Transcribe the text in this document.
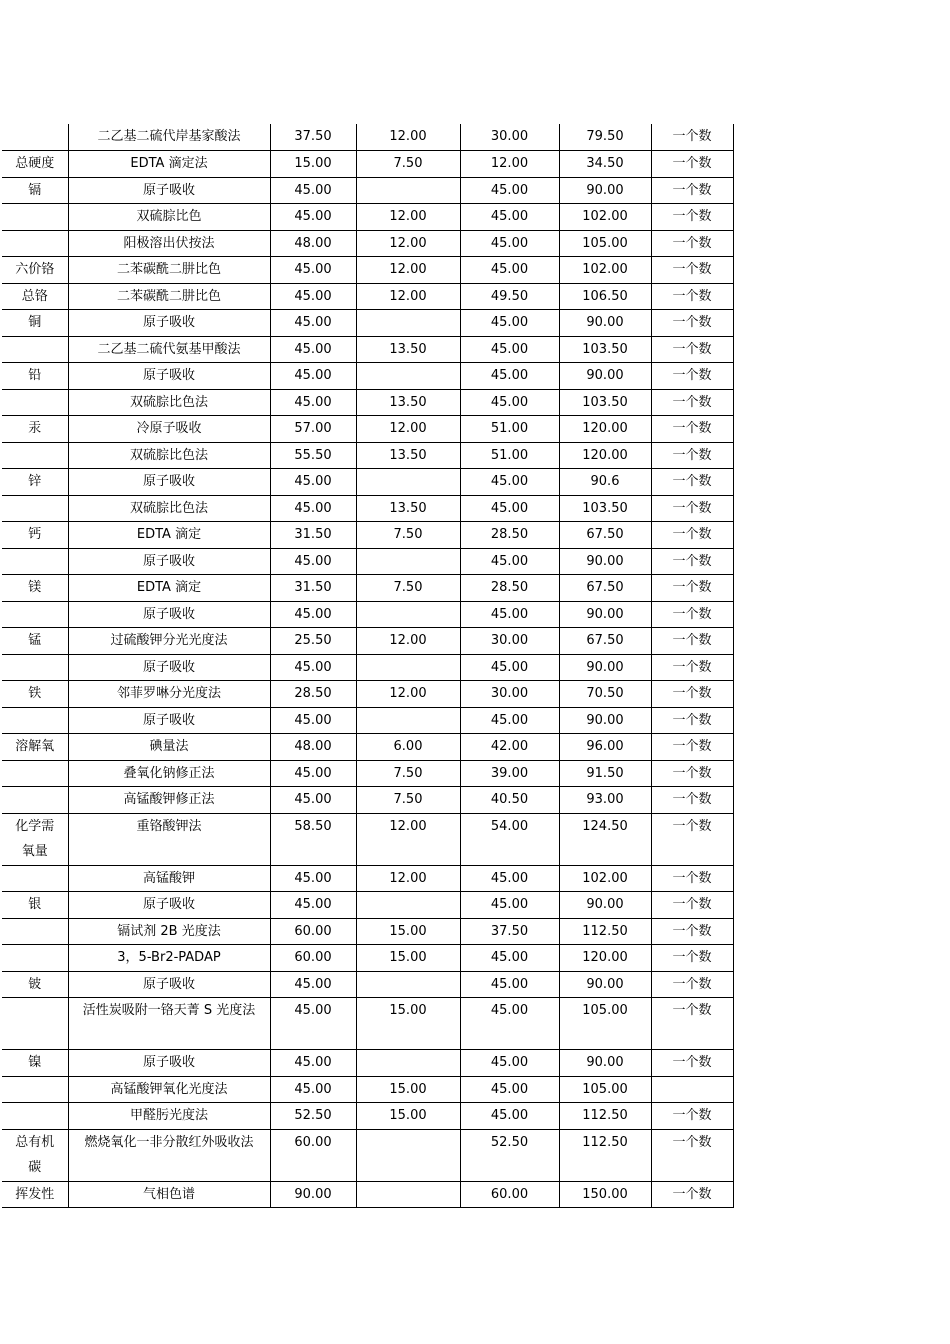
	二乙基二硫代岸基家酸法	37.50	12.00	30.00	79.50	一个数
总硬度	EDTA 滴定法	15.00	7.50	12.00	34.50	一个数
镉	原子吸收	45.00		45.00	90.00	一个数
	双硫腙比色	45.00	12.00	45.00	102.00	一个数
	阳极溶出伏按法	48.00	12.00	45.00	105.00	一个数
六价铬	二苯碳酰二肼比色	45.00	12.00	45.00	102.00	一个数
总铬	二苯碳酰二肼比色	45.00	12.00	49.50	106.50	一个数
铜	原子吸收	45.00		45.00	90.00	一个数
	二乙基二硫代氨基甲酸法	45.00	13.50	45.00	103.50	一个数
铅	原子吸收	45.00		45.00	90.00	一个数
	双硫腙比色法	45.00	13.50	45.00	103.50	一个数
汞	冷原子吸收	57.00	12.00	51.00	120.00	一个数
	双硫腙比色法	55.50	13.50	51.00	120.00	一个数
锌	原子吸收	45.00		45.00	90.6	一个数
	双硫腙比色法	45.00	13.50	45.00	103.50	一个数
钙	EDTA 滴定	31.50	7.50	28.50	67.50	一个数
	原子吸收	45.00		45.00	90.00	一个数
镁	EDTA 滴定	31.50	7.50	28.50	67.50	一个数
	原子吸收	45.00		45.00	90.00	一个数
锰	过硫酸钾分光光度法	25.50	12.00	30.00	67.50	一个数
	原子吸收	45.00		45.00	90.00	一个数
铁	邻菲罗啉分光度法	28.50	12.00	30.00	70.50	一个数
	原子吸收	45.00		45.00	90.00	一个数
溶解氧	碘量法	48.00	6.00	42.00	96.00	一个数
	叠氧化钠修正法	45.00	7.50	39.00	91.50	一个数
	高锰酸钾修正法	45.00	7.50	40.50	93.00	一个数
化学需氧量	重铬酸钾法	58.50	12.00	54.00	124.50	一个数
	高锰酸钾	45.00	12.00	45.00	102.00	一个数
银	原子吸收	45.00		45.00	90.00	一个数
	镉试剂 2B 光度法	60.00	15.00	37.50	112.50	一个数
	3，5-Br2-PADAP	60.00	15.00	45.00	120.00	一个数
铍	原子吸收	45.00		45.00	90.00	一个数
	活性炭吸附一铬天菁 S 光度法	45.00	15.00	45.00	105.00	一个数
镍	原子吸收	45.00		45.00	90.00	一个数
	高锰酸钾氧化光度法	45.00	15.00	45.00	105.00	
	甲醛肟光度法	52.50	15.00	45.00	112.50	一个数
总有机碳	燃烧氧化一非分散红外吸收法	60.00		52.50	112.50	一个数
挥发性	气相色谱	90.00		60.00	150.00	一个数
